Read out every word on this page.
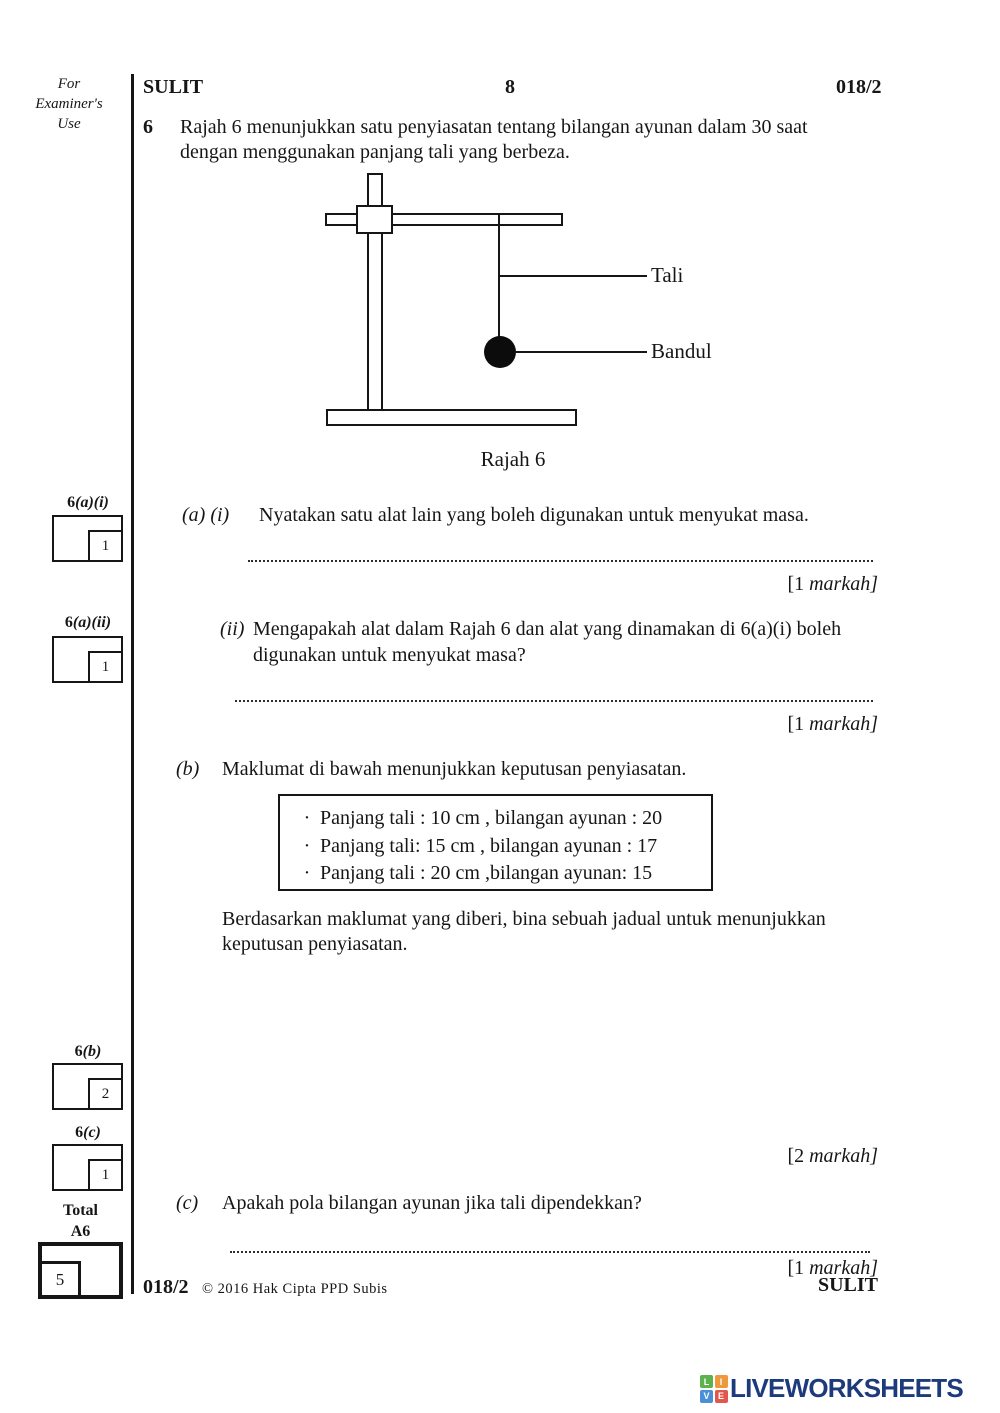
For
Examiner's
Use
SULIT	8	018/2
6 Rajah 6 menunjukkan satu penyiasatan tentang bilangan ayunan dalam 30 saat
dengan menggunakan panjang tali yang berbeza.
Tali
Bandul
Rajah 6
6(a)(i)
1
(a) (i) Nyatakan satu alat lain yang boleh digunakan untuk menyukat masa.
[1 markah]
6(a)(ii)
1
(ii) Mengapakah alat dalam Rajah 6 dan alat yang dinamakan di 6(a)(i) boleh
digunakan untuk menyukat masa?
[1 markah]
(b) Maklumat di bawah menunjukkan keputusan penyiasatan.
· Panjang tali : 10 cm , bilangan ayunan : 20
· Panjang tali: 15 cm , bilangan ayunan : 17
· Panjang tali : 20 cm ,bilangan ayunan: 15
Berdasarkan maklumat yang diberi, bina sebuah jadual untuk menunjukkan
keputusan penyiasatan.
6(b)
2
6(c)
1
[2 markah]
(c) Apakah pola bilangan ayunan jika tali dipendekkan?
[1 markah]
Total
A6
5	018/2 © 2016 Hak Cipta PPD Subis	SULIT
L	I
V E LIVEWORKSHEETS
